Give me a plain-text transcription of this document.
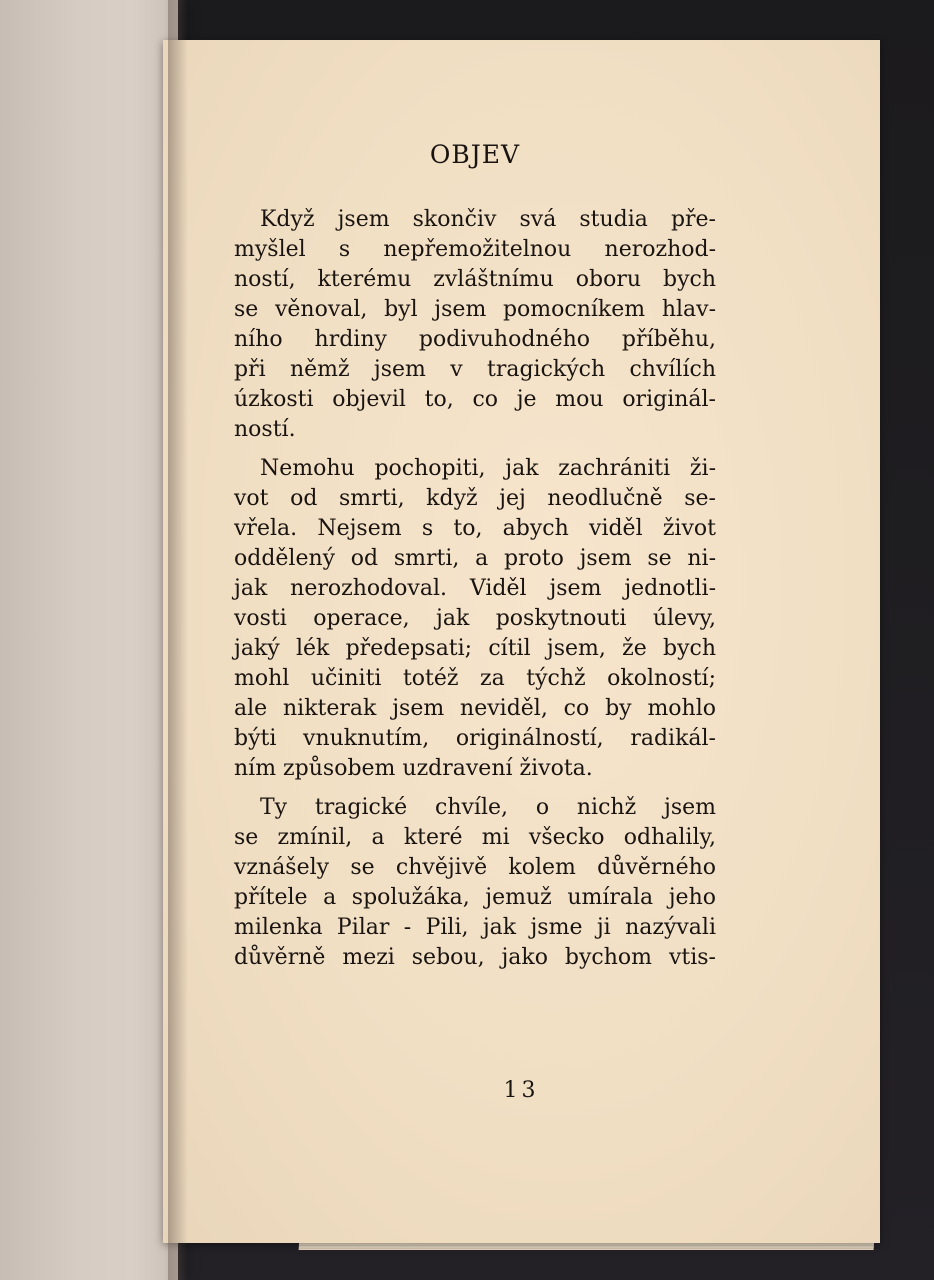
OBJEV
Když jsem skončiv svá studia pře-
myšlel s nepřemožitelnou nerozhod-
ností, kterému zvláštnímu oboru bych
se věnoval, byl jsem pomocníkem hlav-
ního hrdiny podivuhodného příběhu,
při němž jsem v tragických chvílích
úzkosti objevil to, co je mou originál-
ností.
Nemohu pochopiti, jak zachrániti ži-
vot od smrti, když jej neodlučně se-
vřela. Nejsem s to, abych viděl život
oddělený od smrti, a proto jsem se ni-
jak nerozhodoval. Viděl jsem jednotli-
vosti operace, jak poskytnouti úlevy,
jaký lék předepsati; cítil jsem, že bych
mohl učiniti totéž za týchž okolností;
ale nikterak jsem neviděl, co by mohlo
býti vnuknutím, originálností, radikál-
ním způsobem uzdravení života.
Ty tragické chvíle, o nichž jsem
se zmínil, a které mi všecko odhalily,
vznášely se chvějivě kolem důvěrného
přítele a spolužáka, jemuž umírala jeho
milenka Pilar - Pili, jak jsme ji nazývali
důvěrně mezi sebou, jako bychom vtis-
13
